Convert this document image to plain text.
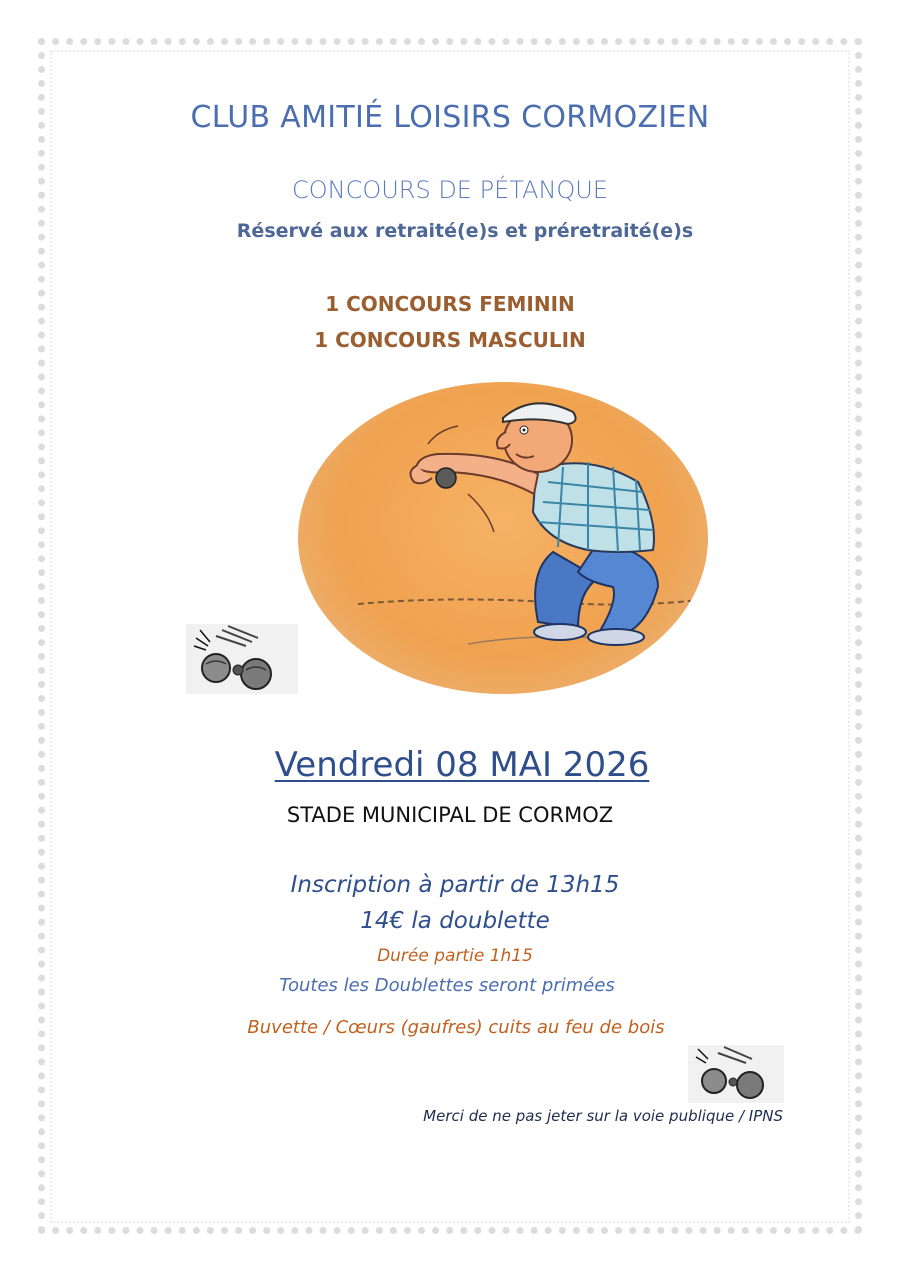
CLUB AMITIÉ LOISIRS CORMOZIEN
CONCOURS DE PÉTANQUE
Réservé aux retraité(e)s et préretraité(e)s
1 CONCOURS FEMININ
1 CONCOURS MASCULIN
Vendredi 08 MAI 2026
STADE MUNICIPAL DE CORMOZ
Inscription à partir de 13h15
14€ la doublette
Durée partie 1h15
Toutes les Doublettes seront primées
Buvette / Cœurs (gaufres) cuits au feu de bois
Merci de ne pas jeter sur la voie publique / IPNS
